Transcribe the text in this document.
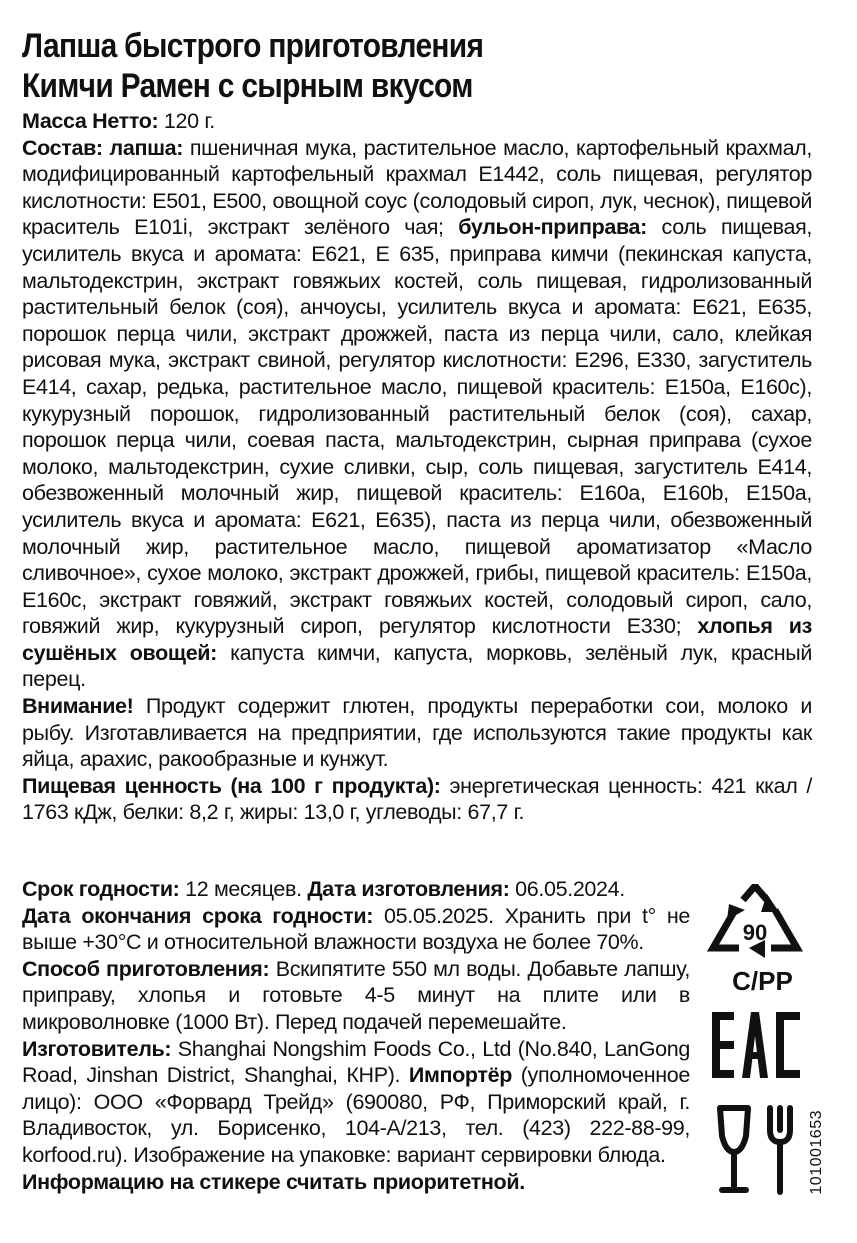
Лапша быстрого приготовления
Кимчи Рамен с сырным вкусом
Масса Нетто: 120 г.
Состав: лапша: пшеничная мука, растительное масло, картофельный крахмал, модифицированный картофельный крахмал E1442, соль пищевая, регулятор кислотности: E501, E500, овощной соус (солодовый сироп, лук, чеснок), пищевой краситель E101i, экстракт зелёного чая; бульон-приправа: соль пищевая, усилитель вкуса и аромата: E621, E 635, приправа кимчи (пекинская капуста, мальтодекстрин, экстракт говяжьих костей, соль пищевая, гидролизованный растительный белок (соя), анчоусы, усилитель вкуса и аромата: E621, E635, порошок перца чили, экстракт дрожжей, паста из перца чили, сало, клейкая рисовая мука, экстракт свиной, регулятор кислотности: E296, E330, загуститель E414, сахар, редька, растительное масло, пищевой краситель: E150a, E160c), кукурузный порошок, гидролизованный растительный белок (соя), сахар, порошок перца чили, соевая паста, мальтодекстрин, сырная приправа (сухое молоко, мальтодекстрин, сухие сливки, сыр, соль пищевая, загуститель E414, обезвоженный молочный жир, пищевой краситель: E160a, E160b, E150a, усилитель вкуса и аромата: E621, E635), паста из перца чили, обезвоженный молочный жир, растительное масло, пищевой ароматизатор «Масло сливочное», сухое молоко, экстракт дрожжей, грибы, пищевой краситель: E150a, E160c, экстракт говяжий, экстракт говяжьих костей, солодовый сироп, сало, говяжий жир, кукурузный сироп, регулятор кислотности E330; хлопья из сушёных овощей: капуста кимчи, капуста, морковь, зелёный лук, красный перец.
Внимание! Продукт содержит глютен, продукты переработки сои, молоко и рыбу. Изготавливается на предприятии, где используются такие продукты как яйца, арахис, ракообразные и кунжут.
Пищевая ценность (на 100 г продукта): энергетическая ценность: 421 ккал / 1763 кДж, белки: 8,2 г, жиры: 13,0 г, углеводы: 67,7 г.
Срок годности: 12 месяцев. Дата изготовления: 06.05.2024.
Дата окончания срока годности: 05.05.2025. Хранить при t° не выше +30°C и относительной влажности воздуха не более 70%.
Способ приготовления: Вскипятите 550 мл воды. Добавьте лапшу, приправу, хлопья и готовьте 4-5 минут на плите или в микроволновке (1000 Вт). Перед подачей перемешайте.
Изготовитель: Shanghai Nongshim Foods Co., Ltd (No.840, LanGong Road, Jinshan District, Shanghai, КНР). Импортёр (уполномоченное лицо): ООО «Форвард Трейд» (690080, РФ, Приморский край, г. Владивосток, ул. Борисенко, 104-А/213, тел. (423) 222-88-99, korfood.ru). Изображение на упаковке: вариант сервировки блюда.
Информацию на стикере считать приоритетной.
90
C/PP
101001653
